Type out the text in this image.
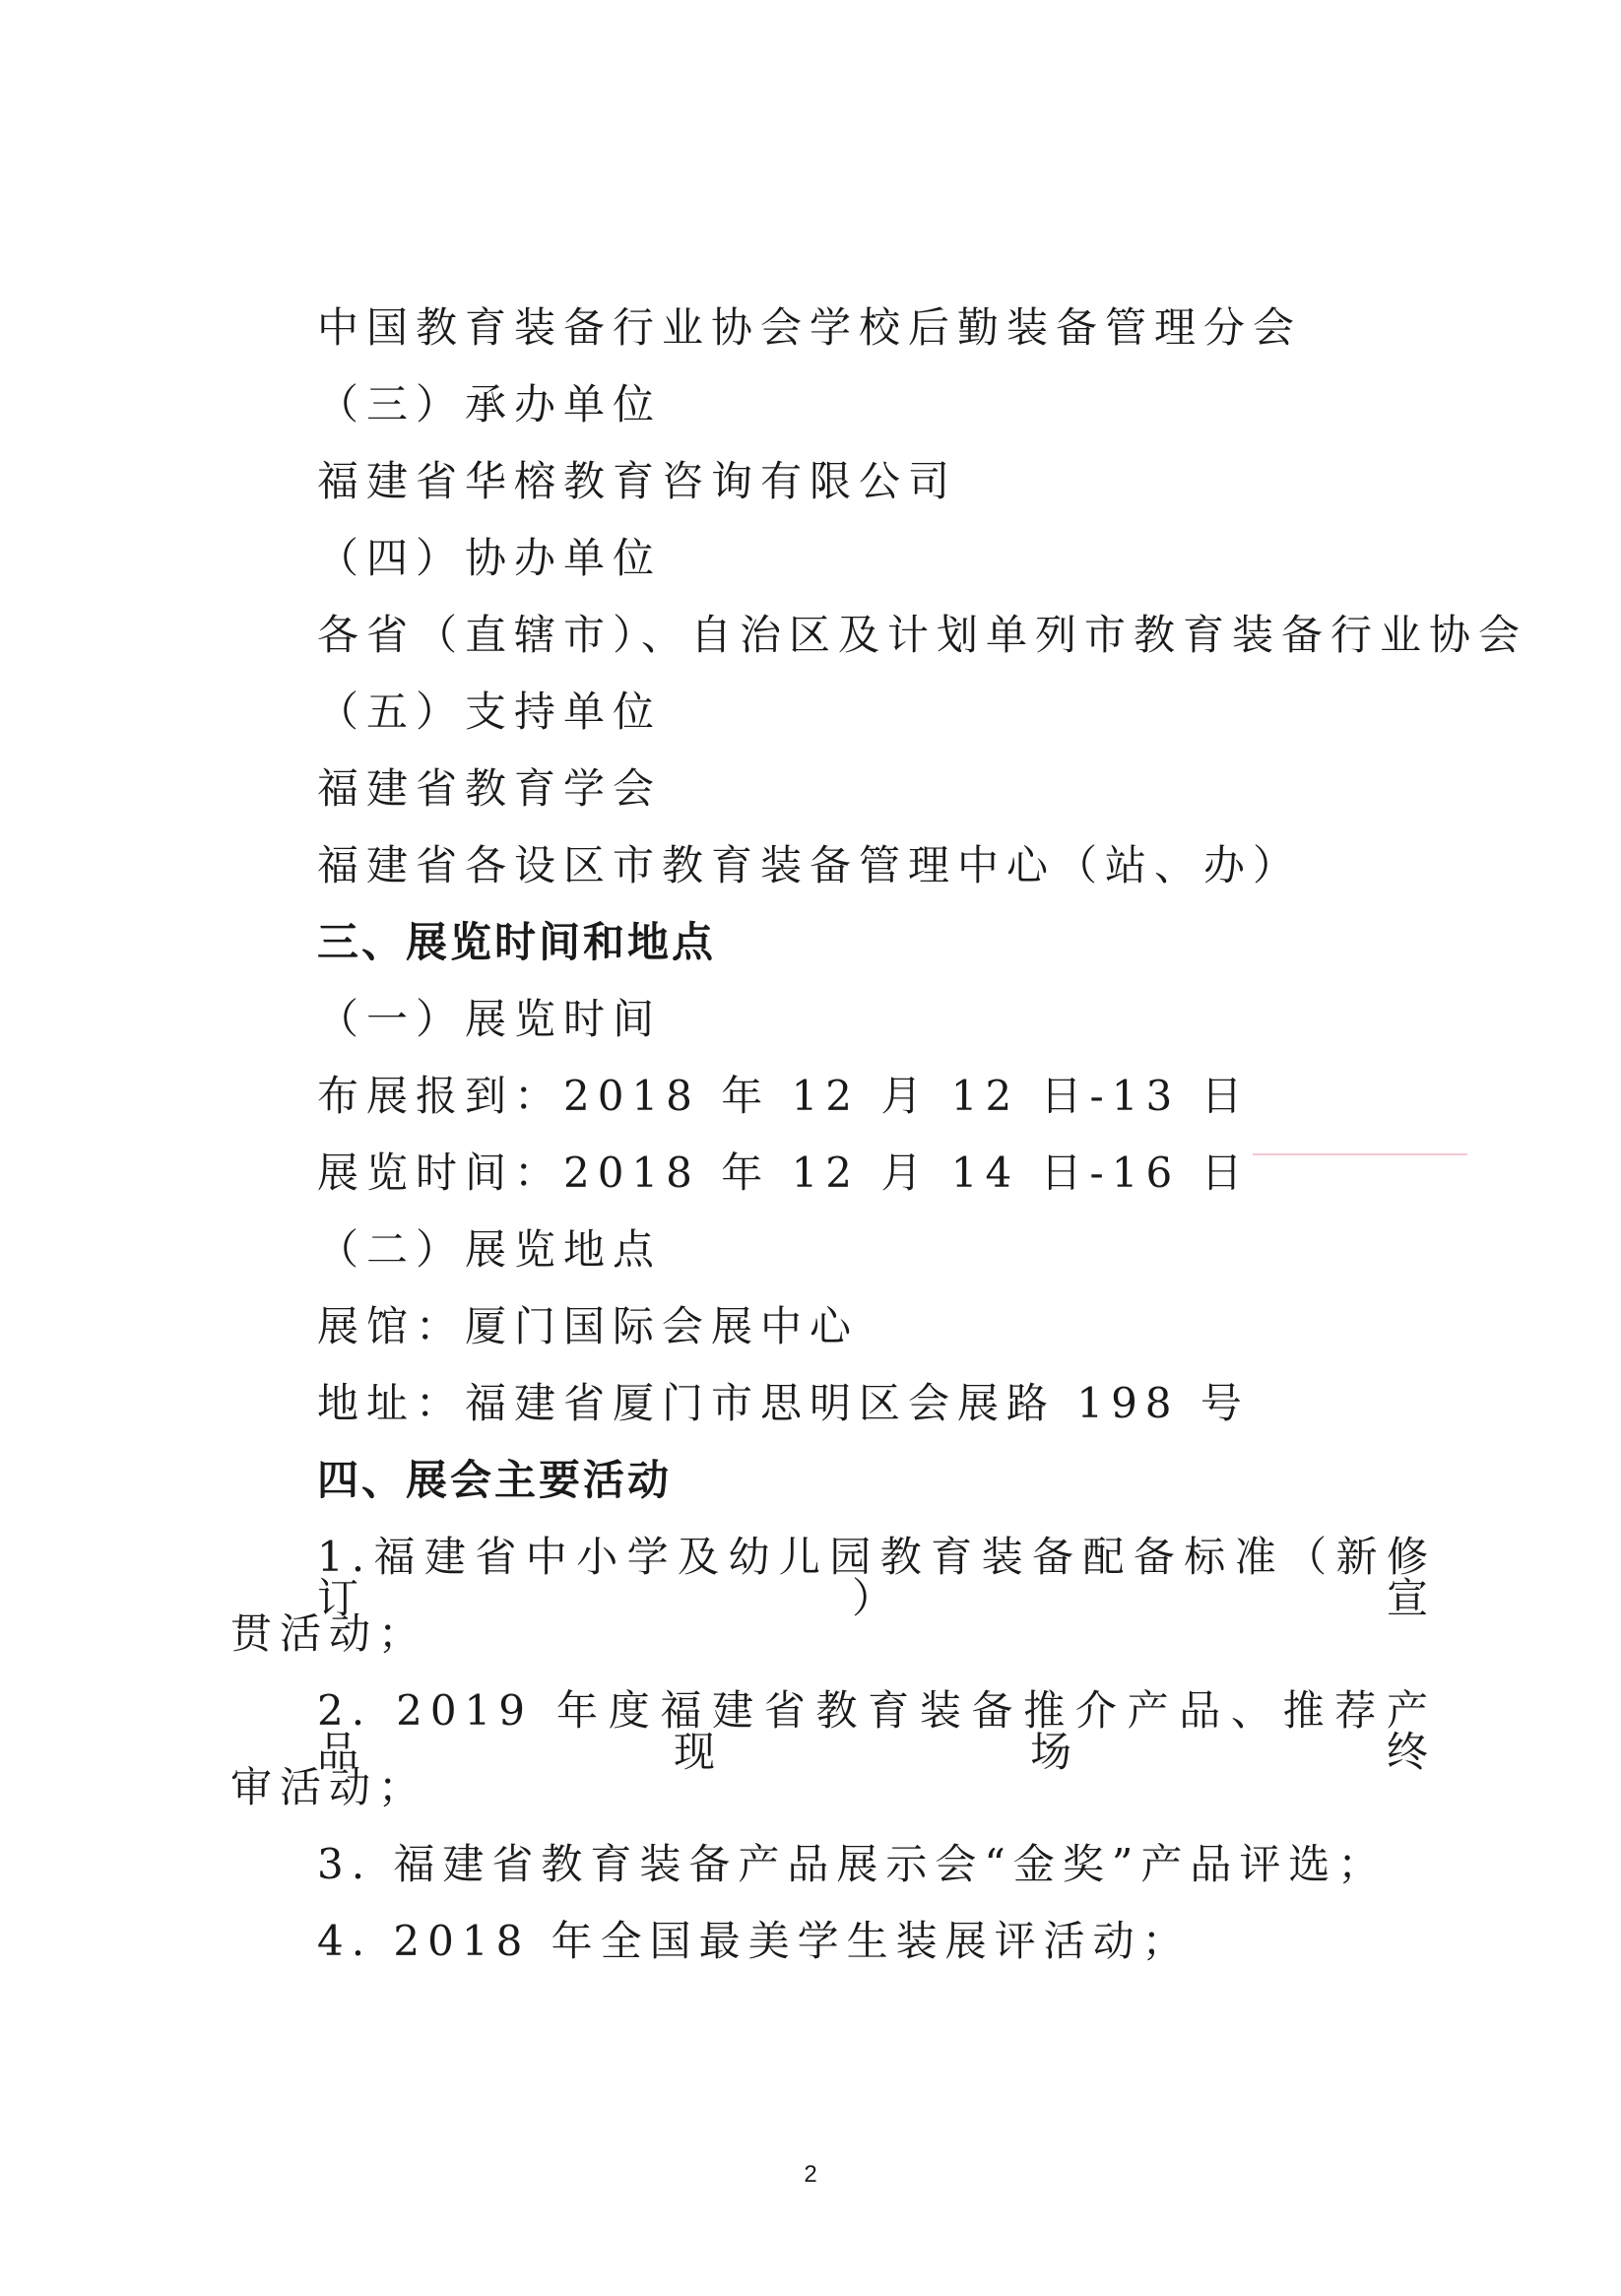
中国教育装备行业协会学校后勤装备管理分会
（三）承办单位
福建省华榕教育咨询有限公司
（四）协办单位
各省（直辖市）、自治区及计划单列市教育装备行业协会
（五）支持单位
福建省教育学会
福建省各设区市教育装备管理中心（站、办）
三、展览时间和地点
（一）展览时间
布展报到：2018 年 12 月 12 日-13 日
展览时间：2018 年 12 月 14 日-16 日
（二）展览地点
展馆：厦门国际会展中心
地址：福建省厦门市思明区会展路 198 号
四、展会主要活动
1.福建省中小学及幼儿园教育装备配备标准（新修订）宣
贯活动；
2. 2019 年度福建省教育装备推介产品、推荐产品现场终
审活动；
3. 福建省教育装备产品展示会“金奖”产品评选；
4. 2018 年全国最美学生装展评活动；
2
